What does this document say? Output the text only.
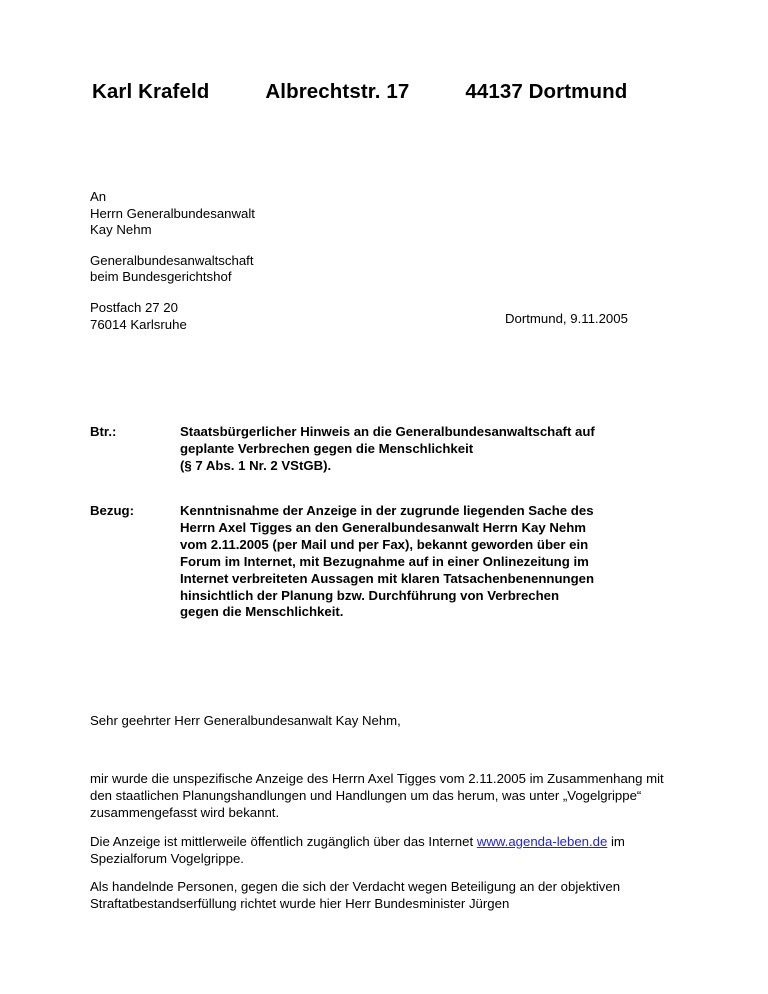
Karl Krafeld	Albrechtstr. 17	44137 Dortmund
An
Herrn Generalbundesanwalt
Kay Nehm
Generalbundesanwaltschaft
beim Bundesgerichtshof
Postfach 27 20
76014 Karlsruhe	Dortmund, 9.11.2005
Btr.:	Staatsbürgerlicher Hinweis an die Generalbundesanwaltschaft auf
geplante Verbrechen gegen die Menschlichkeit
(§ 7 Abs. 1 Nr. 2 VStGB).
Bezug:	Kenntnisnahme der Anzeige in der zugrunde liegenden Sache des
Herrn Axel Tigges an den Generalbundesanwalt Herrn Kay Nehm
vom 2.11.2005 (per Mail und per Fax), bekannt geworden über ein
Forum im Internet, mit Bezugnahme auf in einer Onlinezeitung im
Internet verbreiteten Aussagen mit klaren Tatsachenbenennungen
hinsichtlich der Planung bzw. Durchführung von Verbrechen
gegen die Menschlichkeit.
Sehr geehrter Herr Generalbundesanwalt Kay Nehm,

mir wurde die unspezifische Anzeige des Herrn Axel Tigges vom 2.11.2005 im Zusammenhang mit den staatlichen Planungshandlungen und Handlungen um das herum, was unter „Vogelgrippe“ zusammengefasst wird bekannt.

Die Anzeige ist mittlerweile öffentlich zugänglich über das Internet www.agenda-leben.de im Spezialforum Vogelgrippe.

Als handelnde Personen, gegen die sich der Verdacht wegen Beteiligung an der objektiven Straftatbestandserfüllung richtet wurde hier Herr Bundesminister Jürgen
